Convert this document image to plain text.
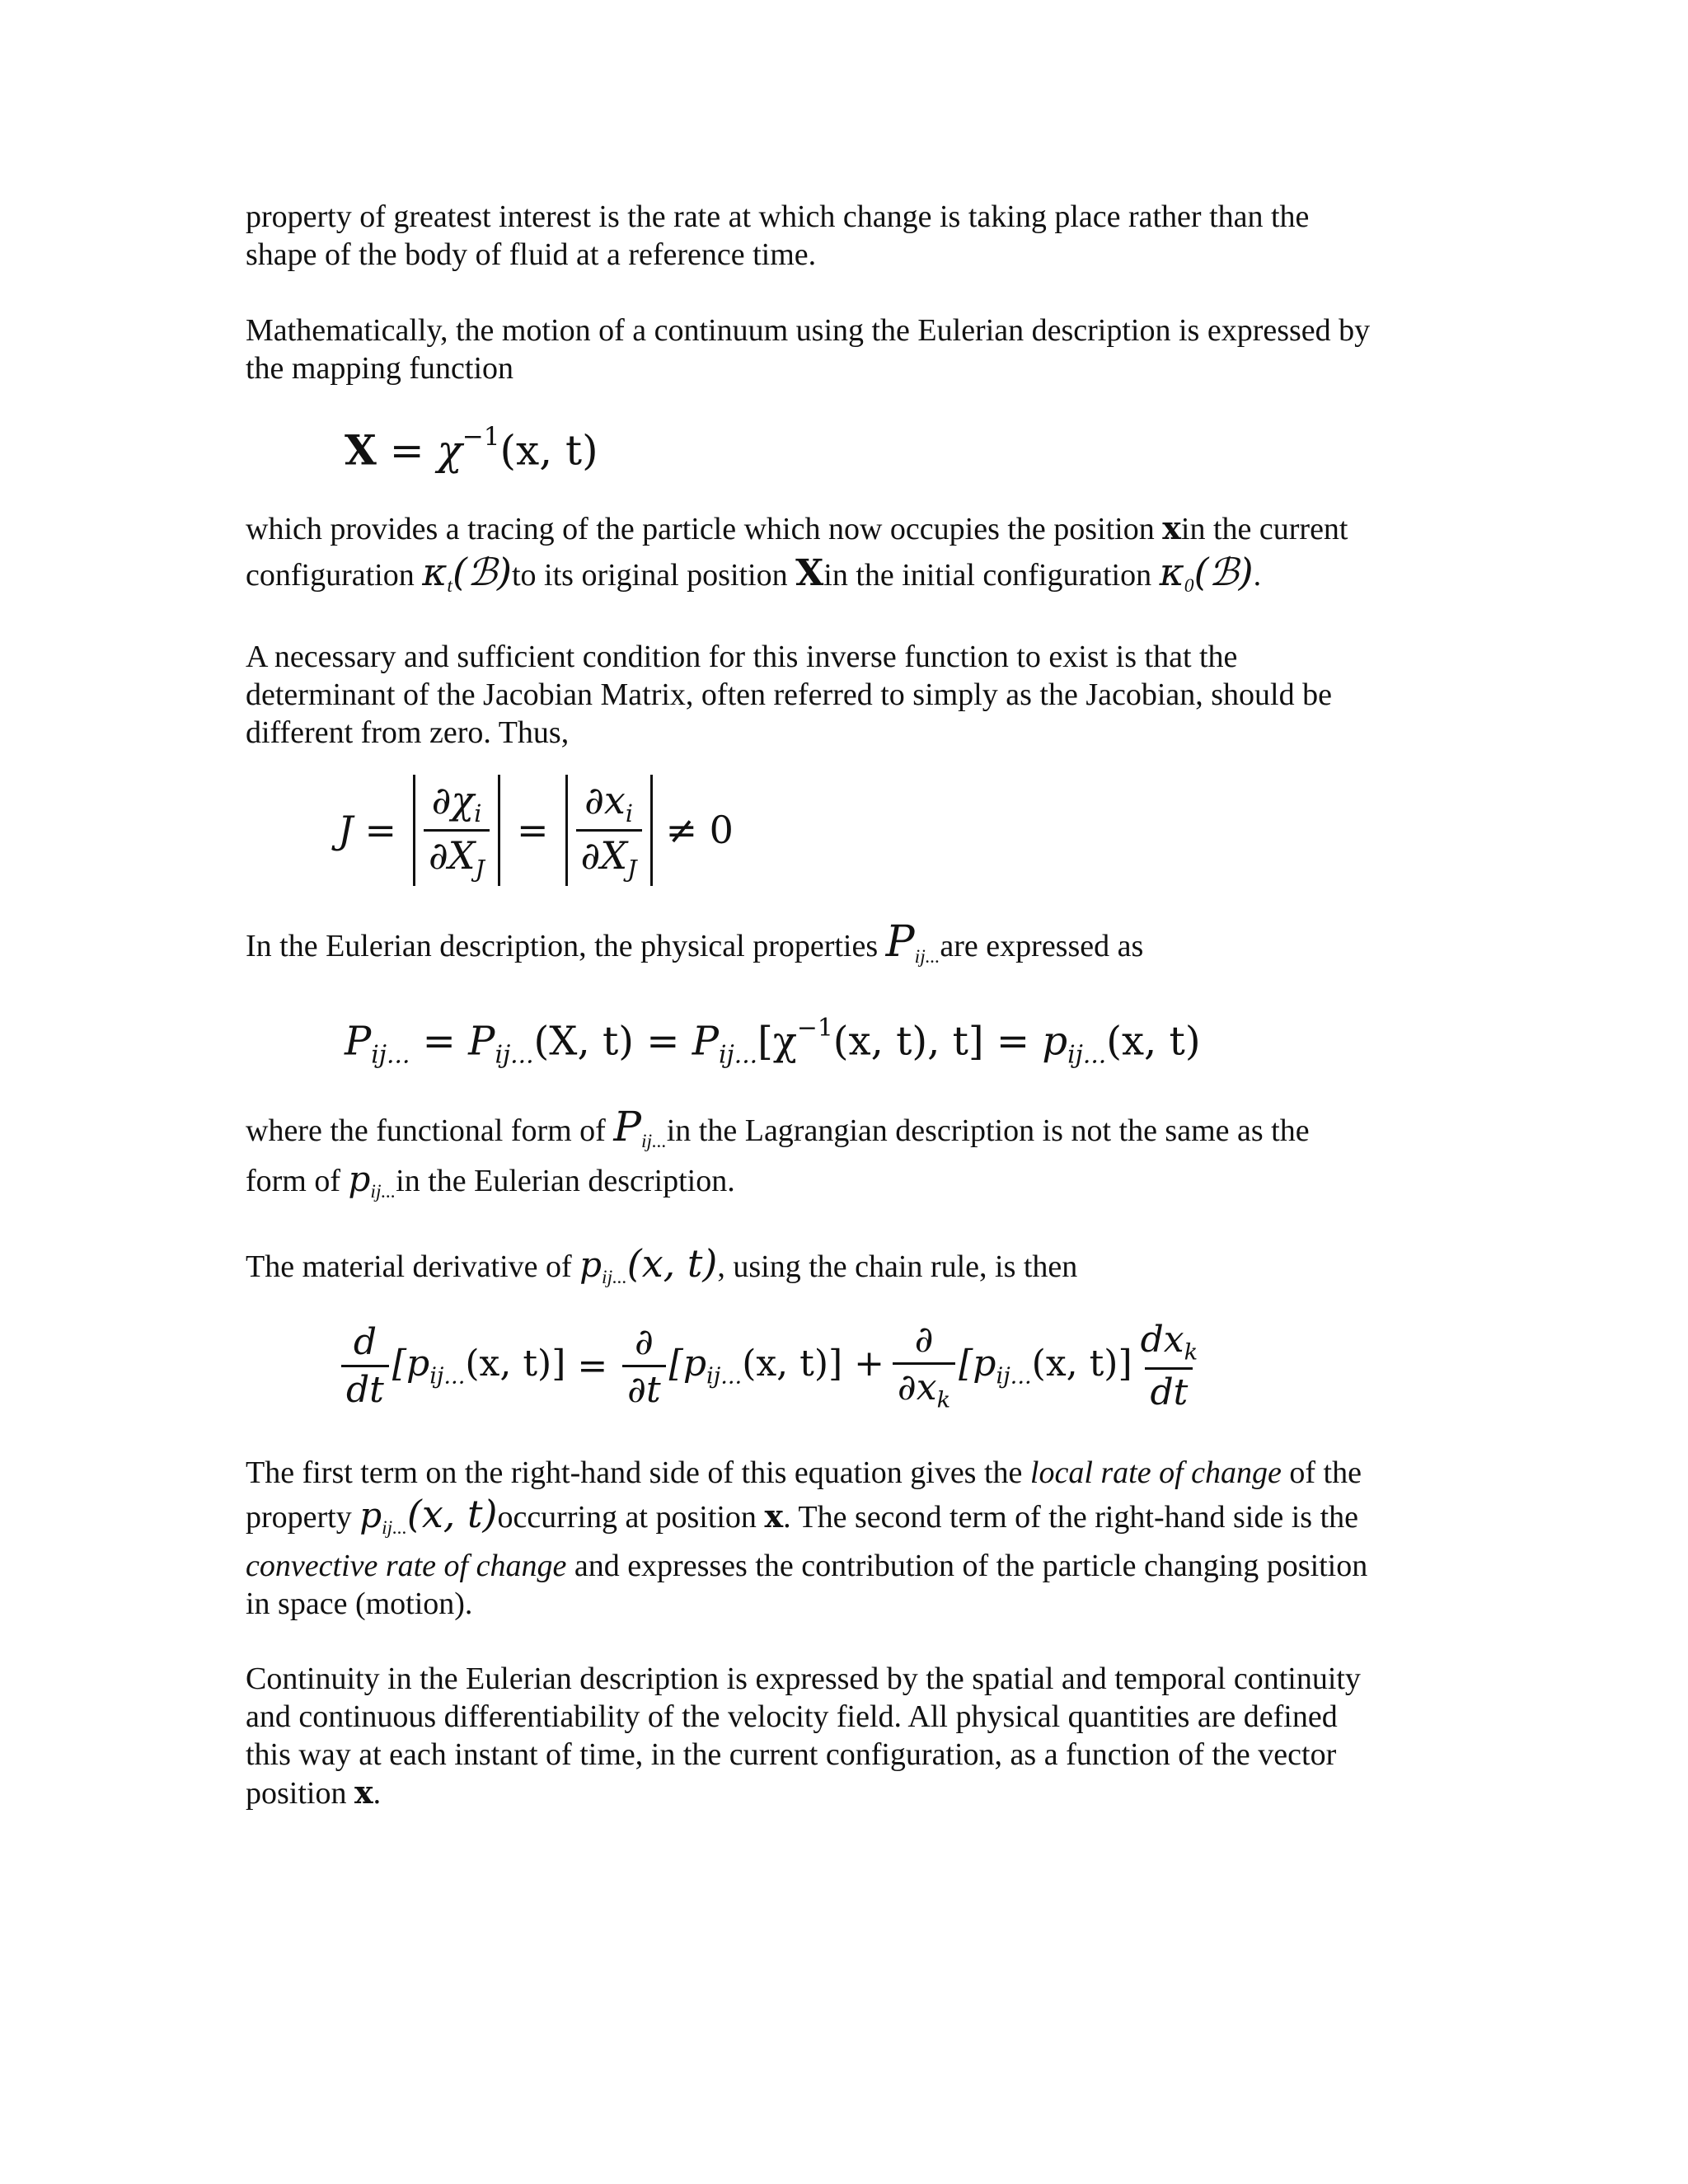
property of greatest interest is the rate at which change is taking place rather than the

shape of the body of fluid at a reference time.

Mathematically, the motion of a continuum using the Eulerian description is expressed by

the mapping function

$X = \chi^{-1}(x$, t)

which provides a tracing of the particle which now occupies the position xin the current

configuration $\kappa_t(ℬ)to$ its original position Xin the initial configuration $\kappa_0(ℬ)$.

A necessary and sufficient condition for this inverse function to exist is that the

determinant of the Jacobian Matrix, often referred to simply as the Jacobian, should be

different from zero. Thus,

$J = \frac{\partial\chi_i}{\partial X_J} = \frac{\partial x_i}{\partial X_J} \ne 0$

In the Eulerian description, the physical properties $P_{ij...}are$ expressed as

$P_{ij...} = P_{ij...}(X$, $t) = P_{ij...}[\chi^{-1}(x$, t), $t] = p_{ij...}(x$, t)

where the functional form of $P_{ij...}in$ the Lagrangian description is not the same as the

form of $p_{ij...}in$ the Eulerian description.

The material derivative of $p_{ij...}(x$, t), using the chain rule, is then

$\frac{d}{dt} [p_{ij...}(x$, $t)] = \frac{\partial}{\partial t} [p_{ij...}(x$, $t)] + \frac{\partial}{\partial x_k} [p_{ij...}(x$, $t)] \frac{dx_k}{dt}$

The first term on the right-hand side of this equation gives the local rate of change of the

property $p_{ij...}(x$, t)occurring at position x. The second term of the right-hand side is the

convective rate of change and expresses the contribution of the particle changing position

in space (motion).

Continuity in the Eulerian description is expressed by the spatial and temporal continuity

and continuous differentiability of the velocity field. All physical quantities are defined

this way at each instant of time, in the current configuration, as a function of the vector

position x.
